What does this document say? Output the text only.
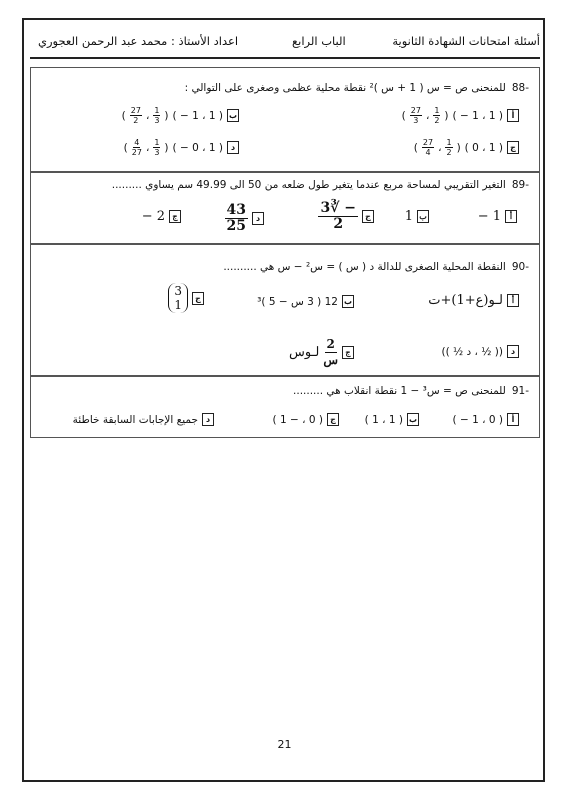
أسئلة امتحانات الشهادة الثانوية
الباب الرابع
اعداد الأستاذ : محمد عبد الرحمن العجوري
-88للمنحنى ص = س ( 1 + س )² نقطة محلية عظمى وصغرى على التوالي :
أ
( 1 ، 1 − )
(
$\frac{1}{2}$
،
$\frac{27}{3}$
)
ب
( 1 ، 1 − )
(
$\frac{1}{3}$
،
$\frac{27}{2}$
)
ج
( 1 ، 0 )
(
$\frac{1}{2}$
،
$\frac{27}{4}$
)
د
( 1 ، 0 − )
(
$\frac{1}{3}$
،
$\frac{4}{27}$
)
-89التغير التقريبي لمساحة مربع عندما يتغير طول ضلعه من 50 الى 49.99 سم يساوي .........
أ
1 −
ب
1
ج
− ∛3
2
د
43
25
ج
2 −
-90النقطة المحلية الصغرى للدالة د ( س ) = س² − س هي ..........
أ
لـو(ع+1)+ت
ب
12 ( 3 س − 5 )³
ج
3
1
د
(( ½ ، د ½ ))
ج
2
س
لـوس
-91للمنحنى ص = س³ − 1 نقطة انقلاب هي .........
أ
( 0 ، 1 − )
ب
( 1 ، 1 )
ج
( 0 ، − 1 )
د
جميع الإجابات السابقة خاطئة
21
